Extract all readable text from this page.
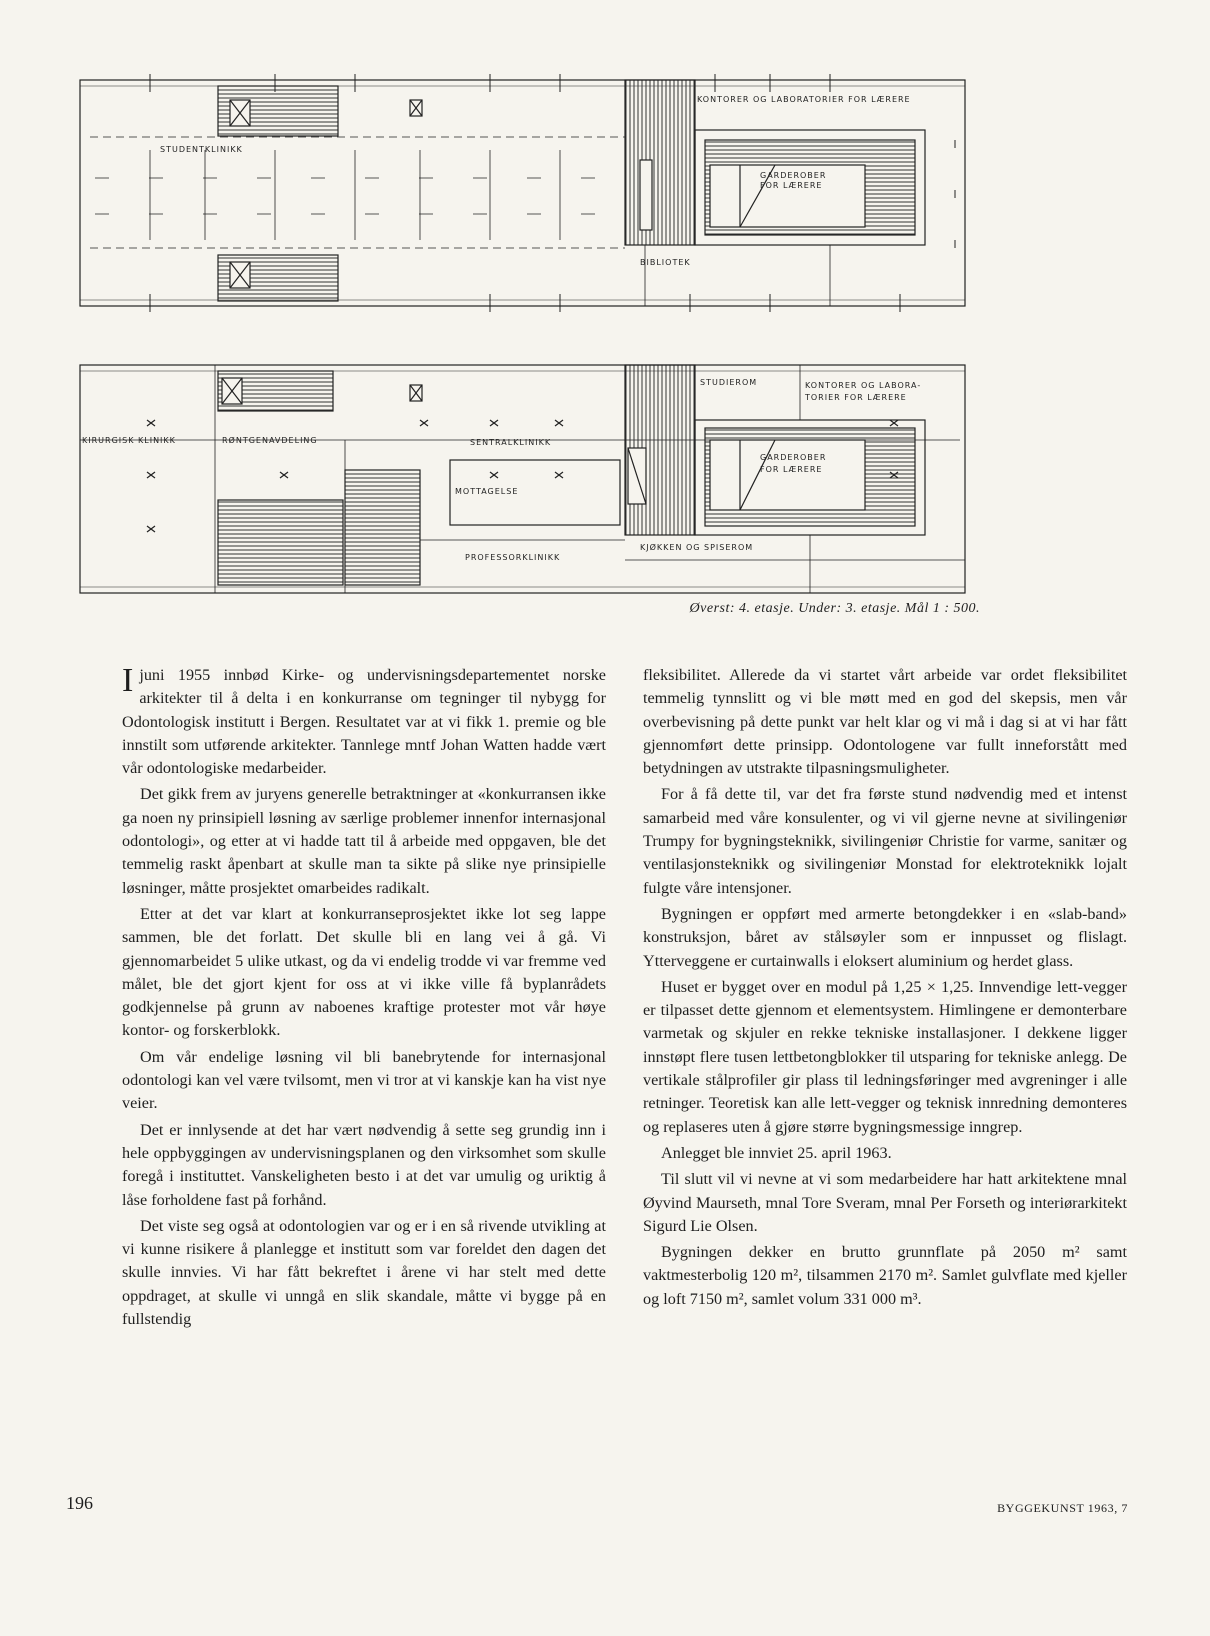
STUDENTKLINIKK
KONTORER OG LABORATORIER FOR LÆRERE
GARDEROBER
FOR LÆRERE
BIBLIOTEK
STUDIEROM	KONTORER OG LABORA-
TORIER FOR LÆRERE
KIRURGISK KLINIKK	RØNTGENAVDELING	SENTRALKLINIKK
MOTTAGELSE
GARDEROBER
FOR LÆRERE
PROFESSORKLINIKK
KJØKKEN OG SPISEROM
Øverst: 4. etasje. Under: 3. etasje. Mål 1 : 500.

Ijuni 1955 innbød Kirke- og undervisningsdepartementet norske arkitekter til å delta i en konkurranse om tegninger til nybygg for Odontologisk institutt i Bergen. Resultatet var at vi fikk 1. premie og ble innstilt som utførende arkitekter. Tannlege mntf Johan Watten hadde vært vår odontologiske medarbeider.

Det gikk frem av juryens generelle betraktninger at «konkurransen ikke ga noen ny prinsipiell løsning av særlige problemer innenfor internasjonal odontologi», og etter at vi hadde tatt til å arbeide med oppgaven, ble det temmelig raskt åpenbart at skulle man ta sikte på slike nye prinsipielle løsninger, måtte prosjektet omarbeides radikalt.

Etter at det var klart at konkurranseprosjektet ikke lot seg lappe sammen, ble det forlatt. Det skulle bli en lang vei å gå. Vi gjennomarbeidet 5 ulike utkast, og da vi endelig trodde vi var fremme ved målet, ble det gjort kjent for oss at vi ikke ville få byplanrådets godkjennelse på grunn av naboenes kraftige protester mot vår høye kontor- og forskerblokk.

Om vår endelige løsning vil bli banebrytende for internasjonal odontologi kan vel være tvilsomt, men vi tror at vi kanskje kan ha vist nye veier.

Det er innlysende at det har vært nødvendig å sette seg grundig inn i hele oppbyggingen av undervisningsplanen og den virksomhet som skulle foregå i instituttet. Vanskeligheten besto i at det var umulig og uriktig å låse forholdene fast på forhånd.

Det viste seg også at odontologien var og er i en så rivende utvikling at vi kunne risikere å planlegge et institutt som var foreldet den dagen det skulle innvies. Vi har fått bekreftet i årene vi har stelt med dette oppdraget, at skulle vi unngå en slik skandale, måtte vi bygge på en fullstendig

fleksibilitet. Allerede da vi startet vårt arbeide var ordet fleksibilitet temmelig tynnslitt og vi ble møtt med en god del skepsis, men vår overbevisning på dette punkt var helt klar og vi må i dag si at vi har fått gjennomført dette prinsipp. Odontologene var fullt inneforstått med betydningen av utstrakte tilpasningsmuligheter.

For å få dette til, var det fra første stund nødvendig med et intenst samarbeid med våre konsulenter, og vi vil gjerne nevne at sivilingeniør Trumpy for bygningsteknikk, sivilingeniør Christie for varme, sanitær og ventilasjonsteknikk og sivilingeniør Monstad for elektroteknikk lojalt fulgte våre intensjoner.

Bygningen er oppført med armerte betongdekker i en «slab-band» konstruksjon, båret av stålsøyler som er innpusset og flislagt. Ytterveggene er curtainwalls i eloksert aluminium og herdet glass.

Huset er bygget over en modul på 1,25 × 1,25. Innvendige lett-vegger er tilpasset dette gjennom et elementsystem. Himlingene er demonterbare varmetak og skjuler en rekke tekniske installasjoner. I dekkene ligger innstøpt flere tusen lettbetongblokker til utsparing for tekniske anlegg. De vertikale stålprofiler gir plass til ledningsføringer med avgreninger i alle retninger. Teoretisk kan alle lett-vegger og teknisk innredning demonteres og replaseres uten å gjøre større bygningsmessige inngrep.

Anlegget ble innviet 25. april 1963.

Til slutt vil vi nevne at vi som medarbeidere har hatt arkitektene mnal Øyvind Maurseth, mnal Tore Sveram, mnal Per Forseth og interiørarkitekt Sigurd Lie Olsen.

Bygningen dekker en brutto grunnflate på 2050 m² samt vaktmesterbolig 120 m², tilsammen 2170 m². Samlet gulvflate med kjeller og loft 7150 m², samlet volum 331 000 m³.

196	BYGGEKUNST 1963, 7
